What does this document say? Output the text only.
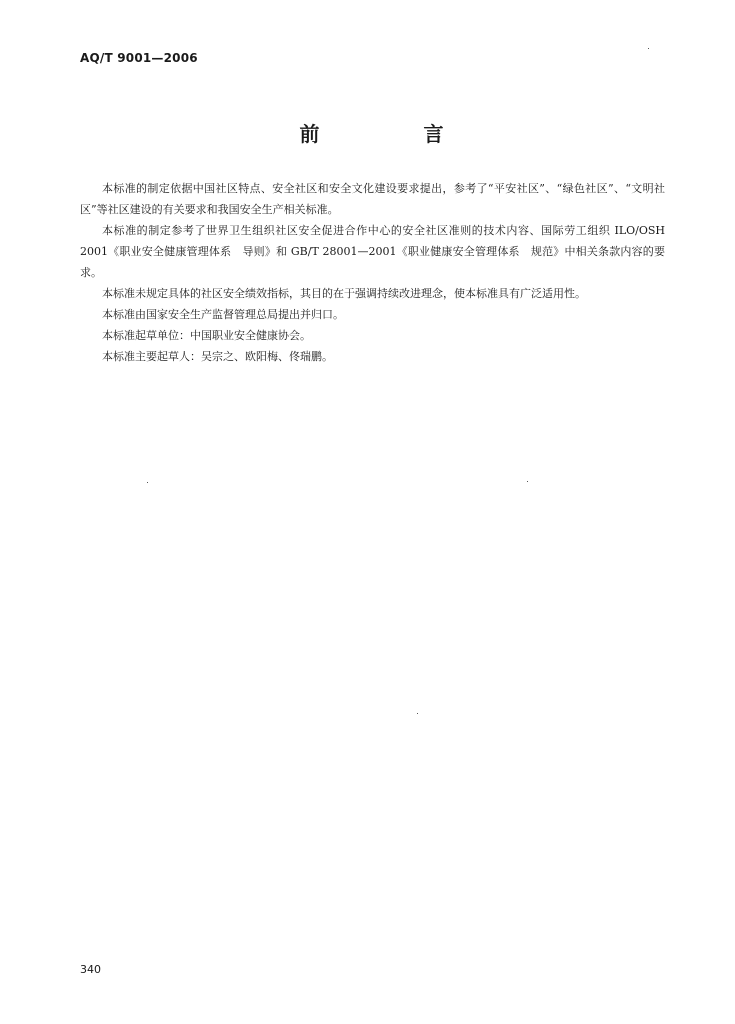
AQ/T 9001—2006
前　言

本标准的制定依据中国社区特点、安全社区和安全文化建设要求提出，参考了“平安社区”、“绿色社区”、“文明社区”等社区建设的有关要求和我国安全生产相关标准。

本标准的制定参考了世界卫生组织社区安全促进合作中心的安全社区准则的技术内容、国际劳工组织 ILO/OSH 2001《职业安全健康管理体系　导则》和 GB/T 28001—2001《职业健康安全管理体系　规范》中相关条款内容的要求。

本标准未规定具体的社区安全绩效指标，其目的在于强调持续改进理念，使本标准具有广泛适用性。

本标准由国家安全生产监督管理总局提出并归口。

本标准起草单位：中国职业安全健康协会。

本标准主要起草人：吴宗之、欧阳梅、佟瑞鹏。

340
